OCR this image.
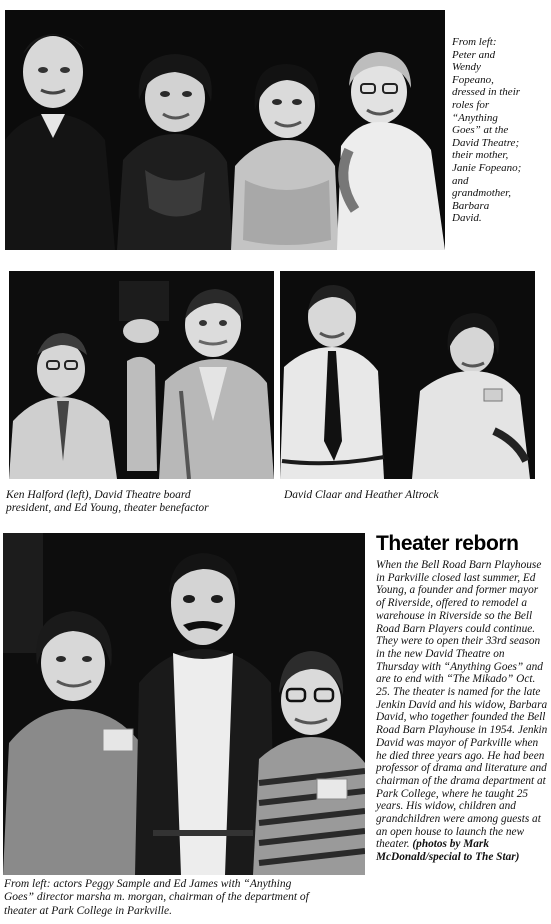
From left:
Peter and
Wendy
Fopeano,
dressed in their
roles for
“Anything
Goes” at the
David Theatre;
their mother,
Janie Fopeano;
and
grandmother,
Barbara
David.
Ken Halford (left), David Theatre board
president, and Ed Young, theater benefactor
David Claar and Heather Altrock
From left: actors Peggy Sample and Ed James with “Anything
Goes” director marsha m. morgan, chairman of the department of
theater at Park College in Parkville.
Theater reborn
When the Bell Road Barn Playhouse in Parkville closed last summer, Ed Young, a founder and former mayor of Riverside, offered to remodel a warehouse in Riverside so the Bell Road Barn Players could continue. They were to open their 33rd season in the new David Theatre on Thursday with “Anything Goes” and are to end with “The Mikado” Oct. 25. The theater is named for the late Jenkin David and his widow, Barbara David, who together founded the Bell Road Barn Playhouse in 1954. Jenkin David was mayor of Parkville when he died three years ago. He had been professor of drama and literature and chairman of the drama department at Park College, where he taught 25 years. His widow, children and grandchildren were among guests at an open house to launch the new theater. (photos by Mark McDonald/special to The Star)
